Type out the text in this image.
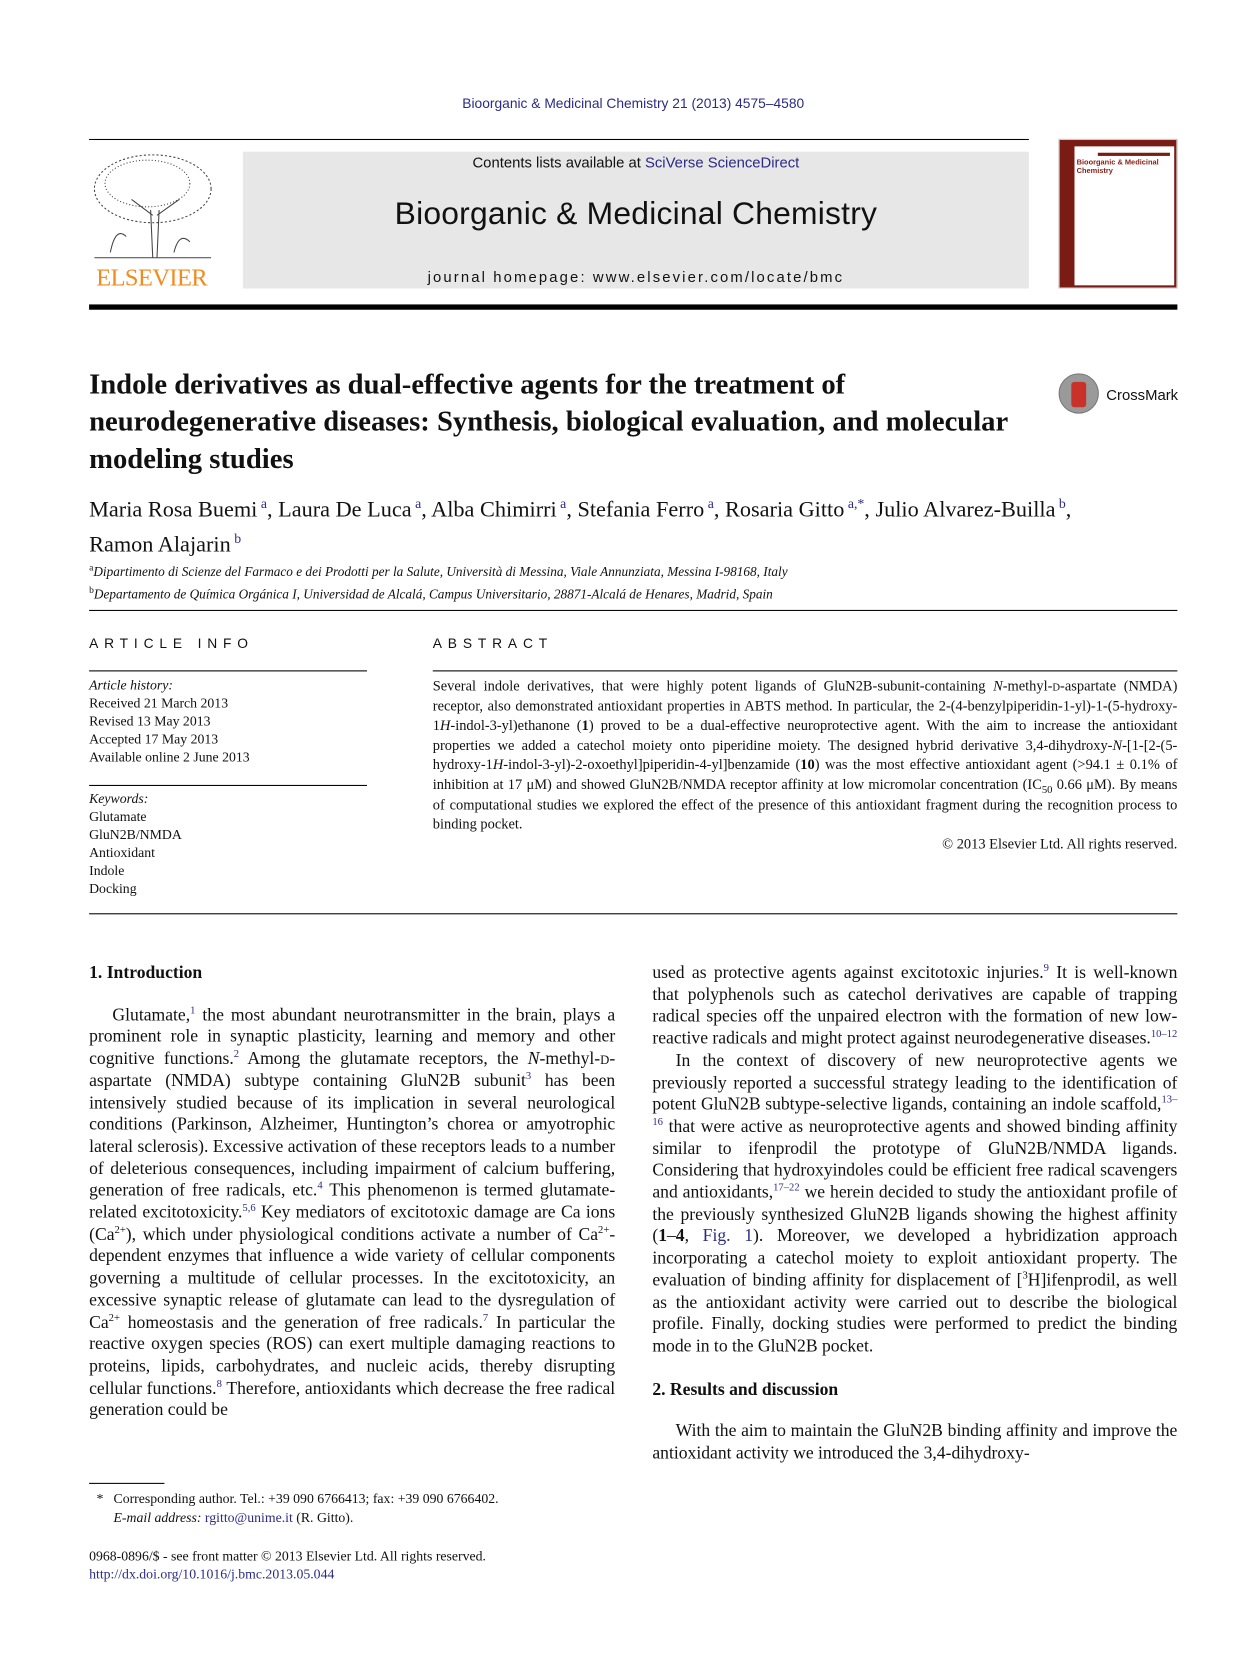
Bioorganic & Medicinal Chemistry 21 (2013) 4575–4580
ELSEVIER
Contents lists available at SciVerse ScienceDirect
Bioorganic & Medicinal Chemistry
journal homepage: www.elsevier.com/locate/bmc
Bioorganic & Medicinal Chemistry
Indole derivatives as dual-effective agents for the treatment of neurodegenerative diseases: Synthesis, biological evaluation, and molecular modeling studies
CrossMark
Maria Rosa Buemi $^a$, Laura De Luca $^a$, Alba Chimirri $^a$, Stefania Ferro $^a$, Rosaria Gitto $^{a,*}$, Julio Alvarez-Builla $^b$,
Ramon Alajarin $^b$
$^a$Dipartimento di Scienze del Farmaco e dei Prodotti per la Salute, Università di Messina, Viale Annunziata, Messina I-98168, Italy
$^b$Departamento de Química Orgánica I, Universidad de Alcalá, Campus Universitario, 28871-Alcalá de Henares, Madrid, Spain
ARTICLE INFO	ABSTRACT
Article history:
Received 21 March 2013
Revised 13 May 2013
Accepted 17 May 2013
Available online 2 June 2013
Keywords:
Glutamate
GluN2B/NMDA
Antioxidant
Indole
Docking

Several indole derivatives, that were highly potent ligands of GluN2B-subunit-containing N-methyl-d-aspartate (NMDA) receptor, also demonstrated antioxidant properties in ABTS method. In particular, the 2-(4-benzylpiperidin-1-yl)-1-(5-hydroxy-1H-indol-3-yl)ethanone (1) proved to be a dual-effective neuroprotective agent. With the aim to increase the antioxidant properties we added a catechol moiety onto piperidine moiety. The designed hybrid derivative 3,4-dihydroxy-N-[1-[2-(5-hydroxy-1H-indol-3-yl)-2-oxoethyl]piperidin-4-yl]benzamide (10) was the most effective antioxidant agent (>94.1 ± 0.1% of inhibition at 17 μM) and showed GluN2B/NMDA receptor affinity at low micromolar concentration ($IC_{50}$ 0.66 μM). By means of computational studies we explored the effect of the presence of this antioxidant fragment during the recognition process to binding pocket.

© 2013 Elsevier Ltd. All rights reserved.

1. Introduction

Glutamate,$^1$ the most abundant neurotransmitter in the brain, plays a prominent role in synaptic plasticity, learning and memory and other cognitive functions.$^2$ Among the glutamate receptors, the N-methyl-d-aspartate (NMDA) subtype containing GluN2B subunit$^3$ has been intensively studied because of its implication in several neurological conditions (Parkinson, Alzheimer, Huntington’s chorea or amyotrophic lateral sclerosis). Excessive activation of these receptors leads to a number of deleterious consequences, including impairment of calcium buffering, generation of free radicals, etc.$^4$ This phenomenon is termed glutamate-related excitotoxicity.$^{5,6}$ Key mediators of excitotoxic damage are Ca ions $(Ca^{2+})$, which under physiological conditions activate a number of $Ca^{2+}$-dependent enzymes that influence a wide variety of cellular components governing a multitude of cellular processes. In the excitotoxicity, an excessive synaptic release of glutamate can lead to the dysregulation of $Ca^{2+}$ homeostasis and the generation of free radicals.$^7$ In particular the reactive oxygen species (ROS) can exert multiple damaging reactions to proteins, lipids, carbohydrates, and nucleic acids, thereby disrupting cellular functions.$^8$ Therefore, antioxidants which decrease the free radical generation could be

used as protective agents against excitotoxic injuries.$^9$ It is well-known that polyphenols such as catechol derivatives are capable of trapping radical species off the unpaired electron with the formation of new low-reactive radicals and might protect against neurodegenerative diseases.$^{10-12}$

In the context of discovery of new neuroprotective agents we previously reported a successful strategy leading to the identification of potent GluN2B subtype-selective ligands, containing an indole scaffold,$^{13-16}$ that were active as neuroprotective agents and showed binding affinity similar to ifenprodil the prototype of GluN2B/NMDA ligands. Considering that hydroxyindoles could be efficient free radical scavengers and antioxidants,$^{17-22}$ we herein decided to study the antioxidant profile of the previously synthesized GluN2B ligands showing the highest affinity (1–4, Fig. 1). Moreover, we developed a hybridization approach incorporating a catechol moiety to exploit antioxidant property. The evaluation of binding affinity for displacement of [$^3$H]ifenprodil, as well as the antioxidant activity were carried out to describe the biological profile. Finally, docking studies were performed to predict the binding mode in to the GluN2B pocket.

2. Results and discussion

With the aim to maintain the GluN2B binding affinity and improve the antioxidant activity we introduced the 3,4-dihydroxy-

* Corresponding author. Tel.: +39 090 6766413; fax: +39 090 6766402.
E-mail address: rgitto@unime.it (R. Gitto).
0968-0896/$ - see front matter © 2013 Elsevier Ltd. All rights reserved.
http://dx.doi.org/10.1016/j.bmc.2013.05.044
